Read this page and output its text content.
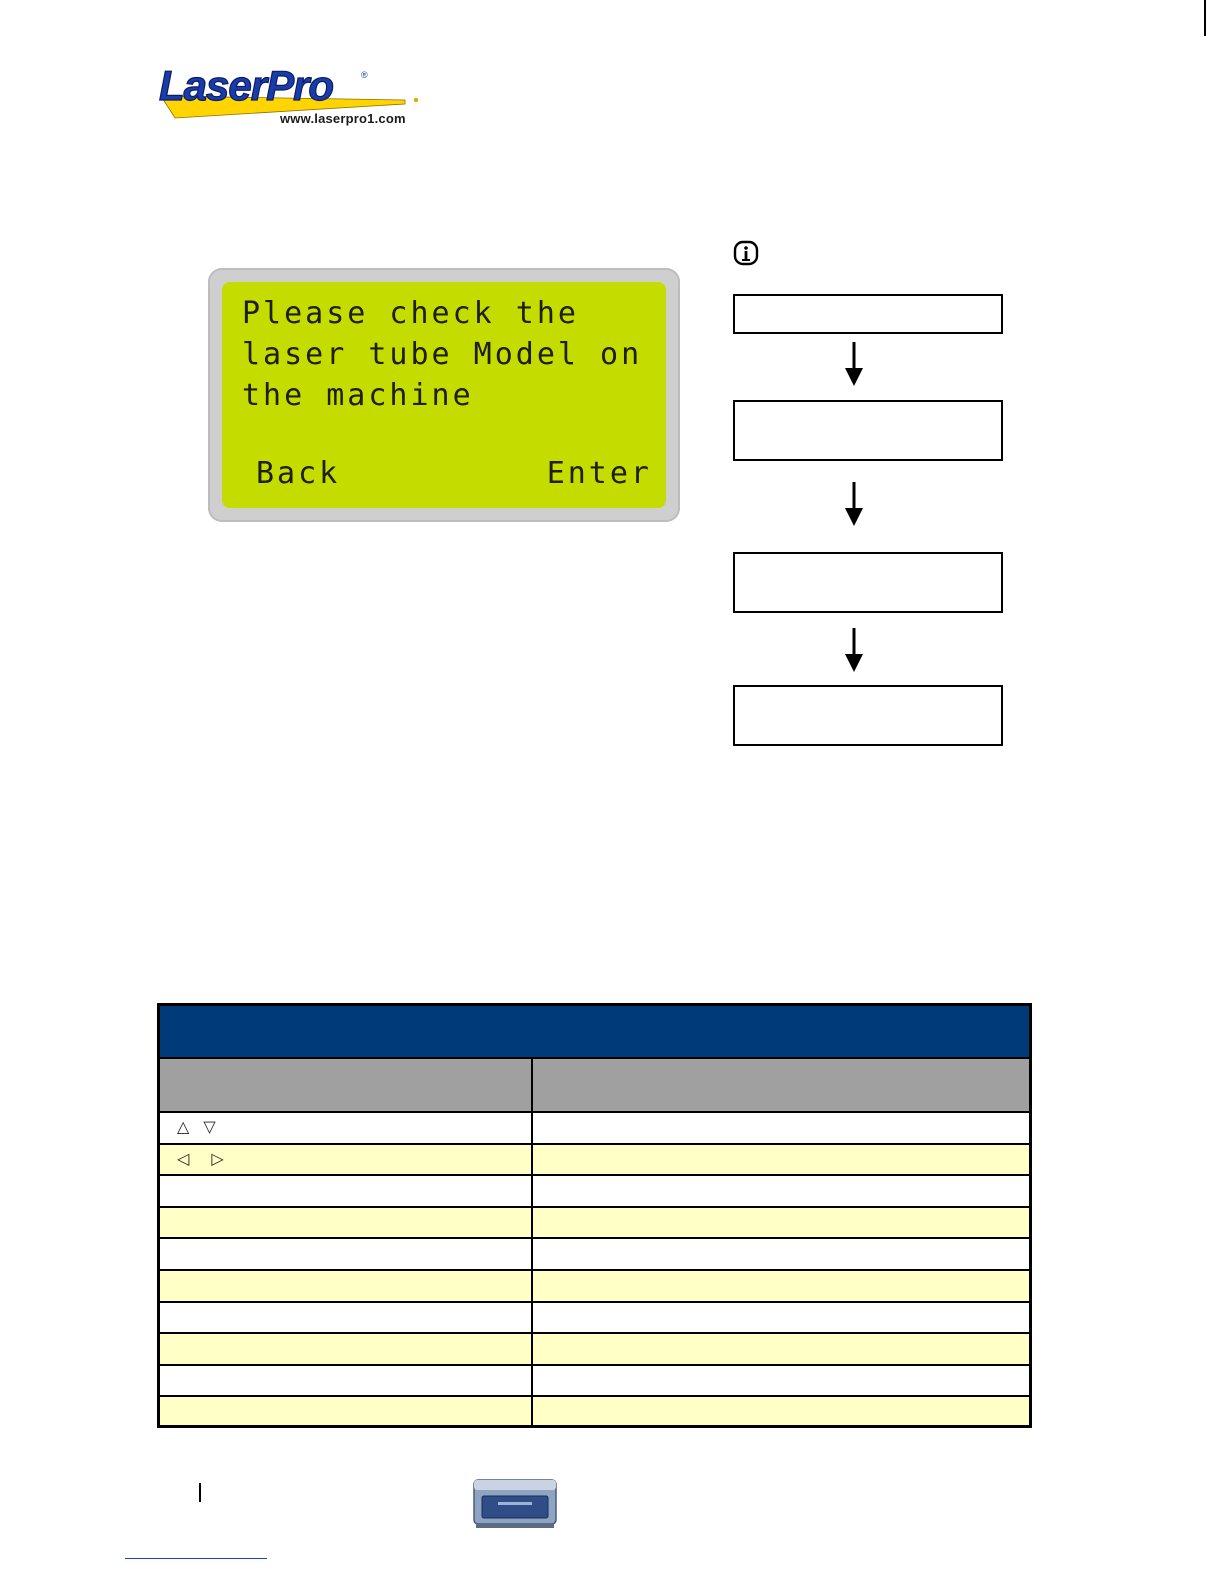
LaserPro	®
www.laserpro1.com
Please check the
laser tube Model on
the machine
Back	Enter
△▽
◁▷
